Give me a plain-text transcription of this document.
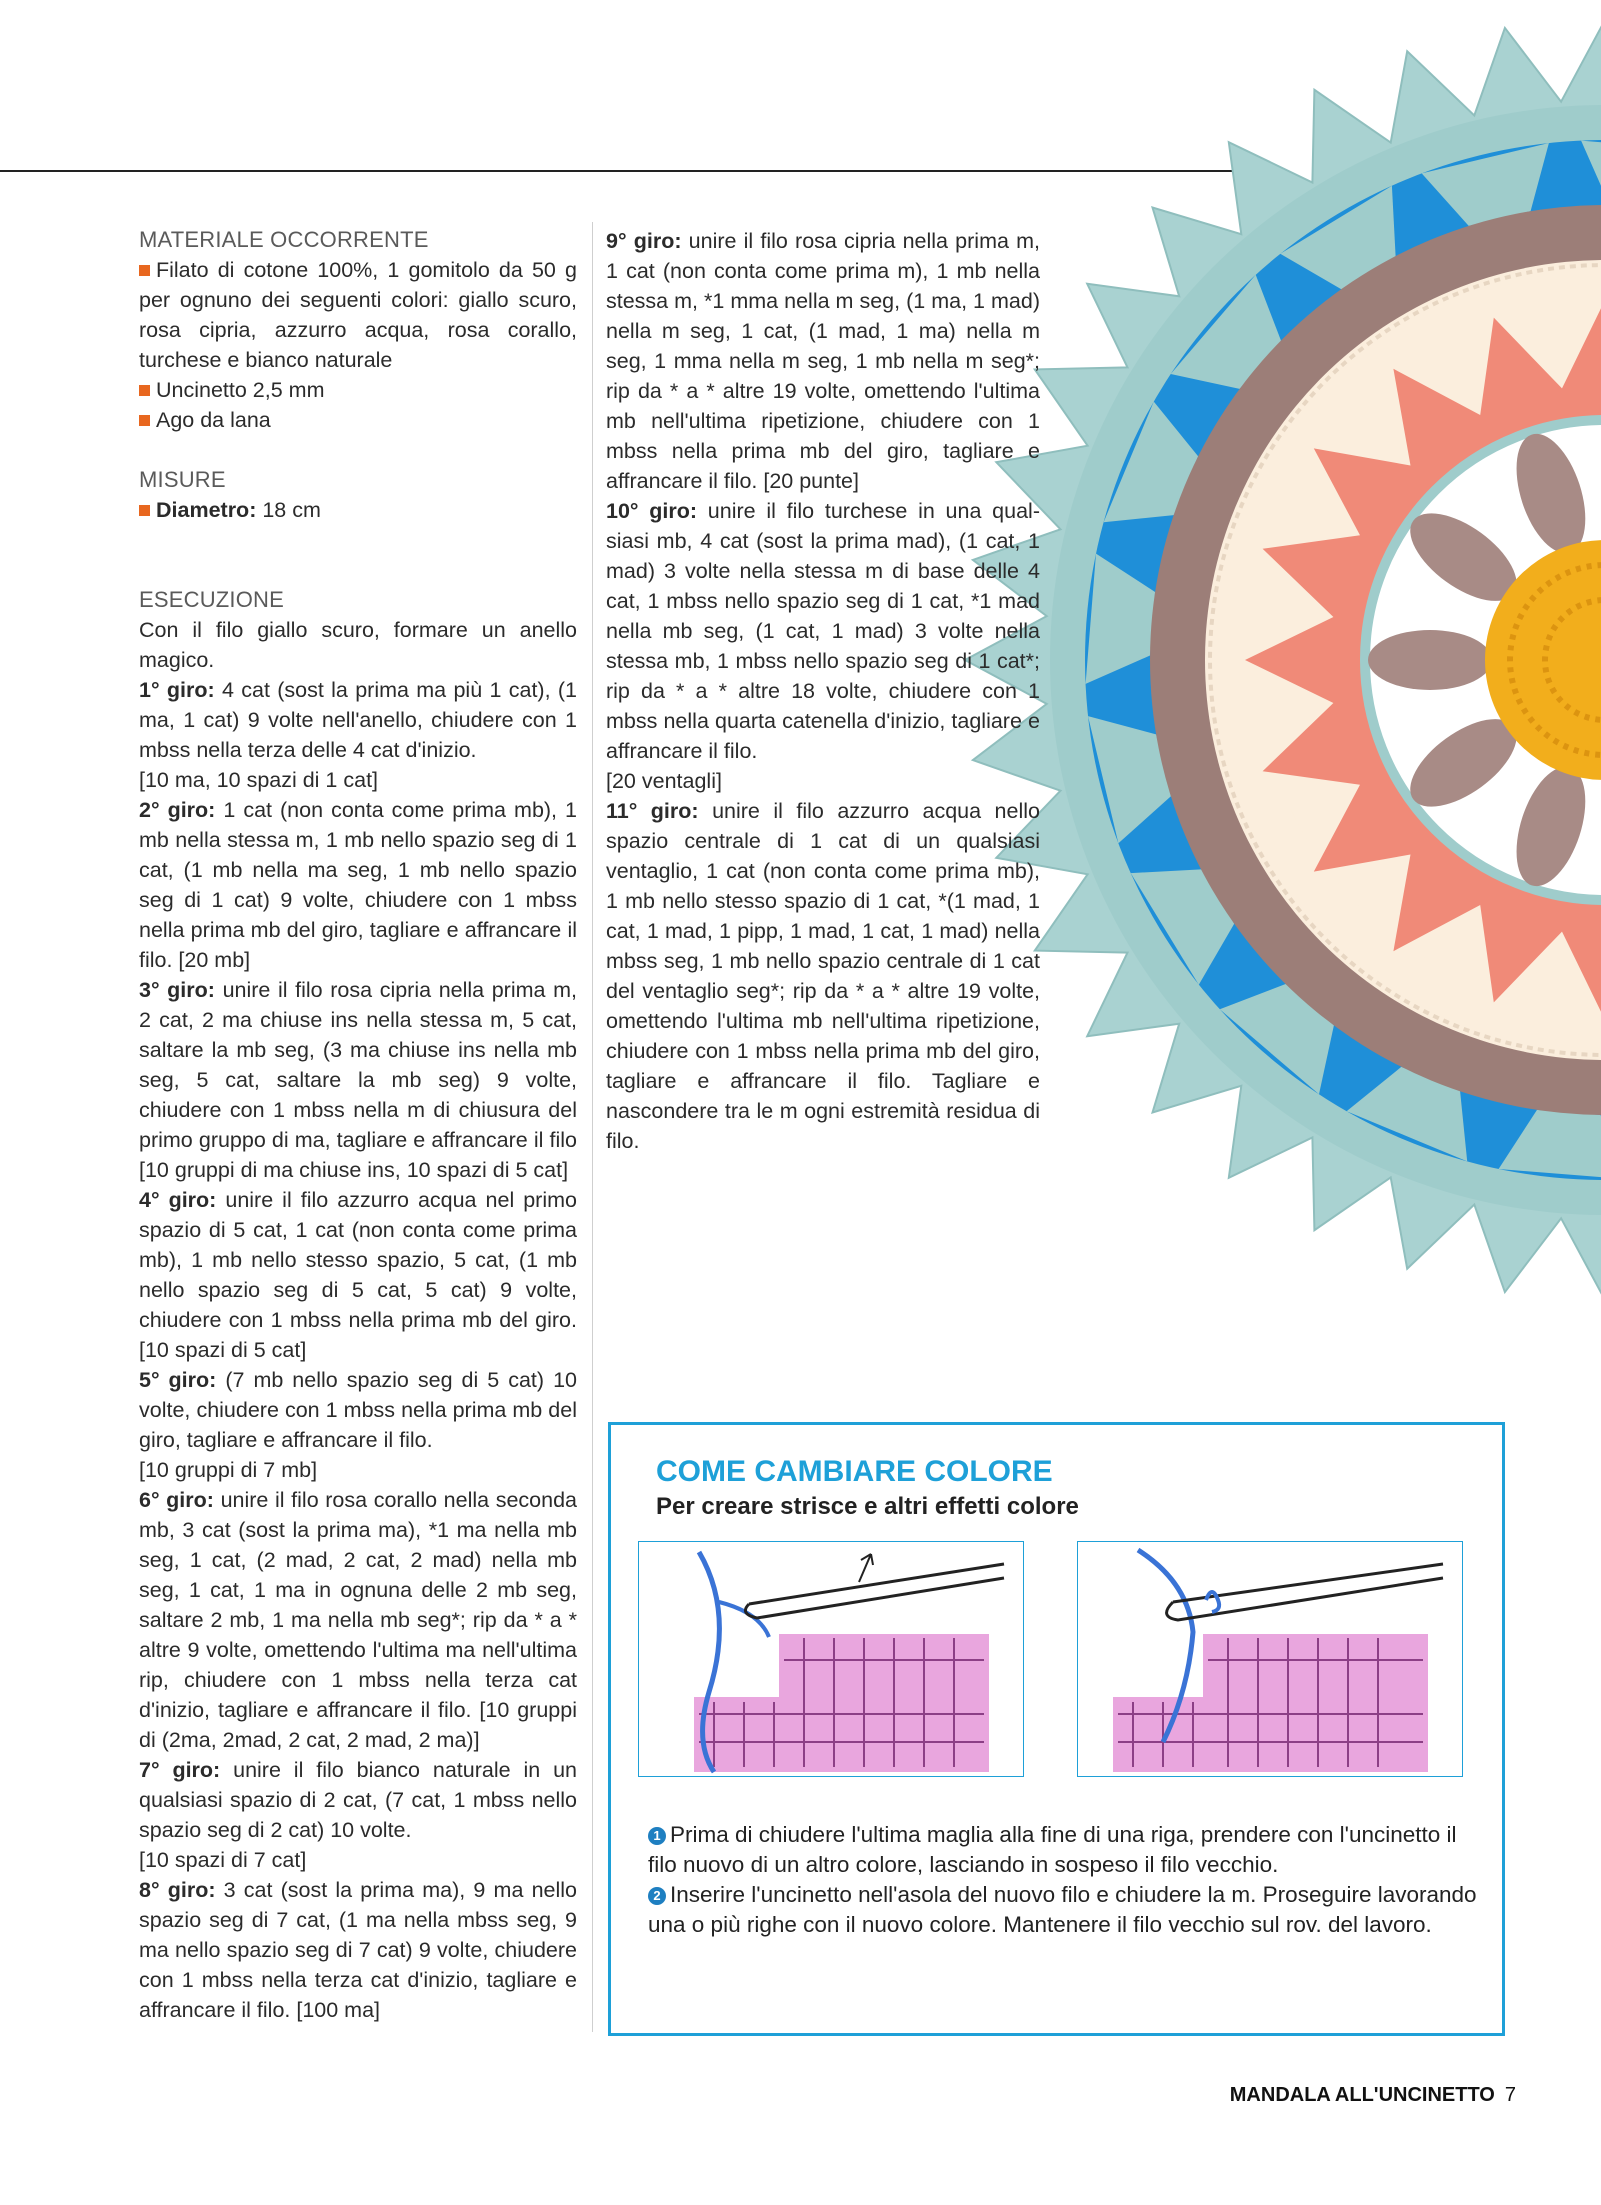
MATERIALE OCCORRENTE

Filato di cotone 100%, 1 gomitolo da 50 g per ognuno dei seguenti colori: giallo scuro, rosa cipria, azzurro acqua, rosa corallo, turchese e bianco naturale

Uncinetto 2,5 mm

Ago da lana

MISURE

Diametro: 18 cm

ESECUZIONE

Con il filo giallo scuro, formare un anello magico.

1° giro: 4 cat (sost la prima ma più 1 cat), (1 ma, 1 cat) 9 volte nell'anello, chiudere con 1 mbss nella terza delle 4 cat d'inizio.

[10 ma, 10 spazi di 1 cat]

2° giro: 1 cat (non conta come prima mb), 1 mb nella stessa m, 1 mb nello spazio seg di 1 cat, (1 mb nella ma seg, 1 mb nello spazio seg di 1 cat) 9 volte, chiudere con 1 mbss nella prima mb del giro, tagliare e affrancare il filo. [20 mb]

3° giro: unire il filo rosa cipria nella prima m, 2 cat, 2 ma chiuse ins nella stessa m, 5 cat, saltare la mb seg, (3 ma chiuse ins nella mb seg, 5 cat, saltare la mb seg) 9 volte, chiudere con 1 mbss nella m di chiusura del primo gruppo di ma, tagliare e affrancare il filo [10 gruppi di ma chiuse ins, 10 spazi di 5 cat]

4° giro: unire il filo azzurro acqua nel primo spazio di 5 cat, 1 cat (non conta come prima mb), 1 mb nello stesso spazio, 5 cat, (1 mb nello spazio seg di 5 cat, 5 cat) 9 volte, chiudere con 1 mbss nella prima mb del giro. [10 spazi di 5 cat]

5° giro: (7 mb nello spazio seg di 5 cat) 10 volte, chiudere con 1 mbss nella prima mb del giro, tagliare e affrancare il filo.

[10 gruppi di 7 mb]

6° giro: unire il filo rosa corallo nella seconda mb, 3 cat (sost la prima ma), *1 ma nella mb seg, 1 cat, (2 mad, 2 cat, 2 mad) nella mb seg, 1 cat, 1 ma in ognuna delle 2 mb seg, saltare 2 mb, 1 ma nella mb seg*; rip da * a * altre 9 volte, omettendo l'ultima ma nell'ultima rip, chiudere con 1 mbss nella terza cat d'inizio, tagliare e affrancare il filo. [10 gruppi di (2ma, 2mad, 2 cat, 2 mad, 2 ma)]

7° giro: unire il filo bianco naturale in un qualsiasi spazio di 2 cat, (7 cat, 1 mbss nello spazio seg di 2 cat) 10 volte.

[10 spazi di 7 cat]

8° giro: 3 cat (sost la prima ma), 9 ma nello spazio seg di 7 cat, (1 ma nella mbss seg, 9 ma nello spazio seg di 7 cat) 9 volte, chiudere con 1 mbss nella terza cat d'inizio, tagliare e affrancare il filo. [100 ma]

9° giro: unire il filo rosa cipria nella prima m, 1 cat (non conta come prima m), 1 mb nella stessa m, *1 mma nella m seg, (1 ma, 1 mad) nella m seg, 1 cat, (1 mad, 1 ma) nella m seg, 1 mma nella m seg, 1 mb nella m seg*; rip da * a * altre 19 volte, omettendo l'ultima mb nell'ultima ripetizione, chiudere con 1 mbss nella prima mb del giro, tagliare e affrancare il filo. [20 punte]

10° giro: unire il filo turchese in una qual-siasi mb, 4 cat (sost la prima mad), (1 cat, 1 mad) 3 volte nella stessa m di base delle 4 cat, 1 mbss nello spazio seg di 1 cat, *1 mad nella mb seg, (1 cat, 1 mad) 3 volte nella stessa mb, 1 mbss nello spazio seg di 1 cat*; rip da * a * altre 18 volte, chiudere con 1 mbss nella quarta catenella d'inizio, tagliare e affrancare il filo.

[20 ventagli]

11° giro: unire il filo azzurro acqua nello spazio centrale di 1 cat di un qualsiasi ventaglio, 1 cat (non conta come prima mb), 1 mb nello stesso spazio di 1 cat, *(1 mad, 1 cat, 1 mad, 1 pipp, 1 mad, 1 cat, 1 mad) nella mbss seg, 1 mb nello spazio centrale di 1 cat del ventaglio seg*; rip da * a * altre 19 volte, omettendo l'ultima mb nell'ultima ripetizione, chiudere con 1 mbss nella prima mb del giro, tagliare e affrancare il filo. Tagliare e nascondere tra le m ogni estremità residua di filo.

COME CAMBIARE COLORE
Per creare strisce e altri effetti colore

1 Prima di chiudere l'ultima maglia alla fine di una riga, prendere con l'uncinetto il filo nuovo di un altro colore, lasciando in sospeso il filo vecchio.

2 Inserire l'uncinetto nell'asola del nuovo filo e chiudere la m. Proseguire lavorando una o più righe con il nuovo colore. Mantenere il filo vecchio sul rov. del lavoro.

MANDALA ALL'UNCINETTO 7
